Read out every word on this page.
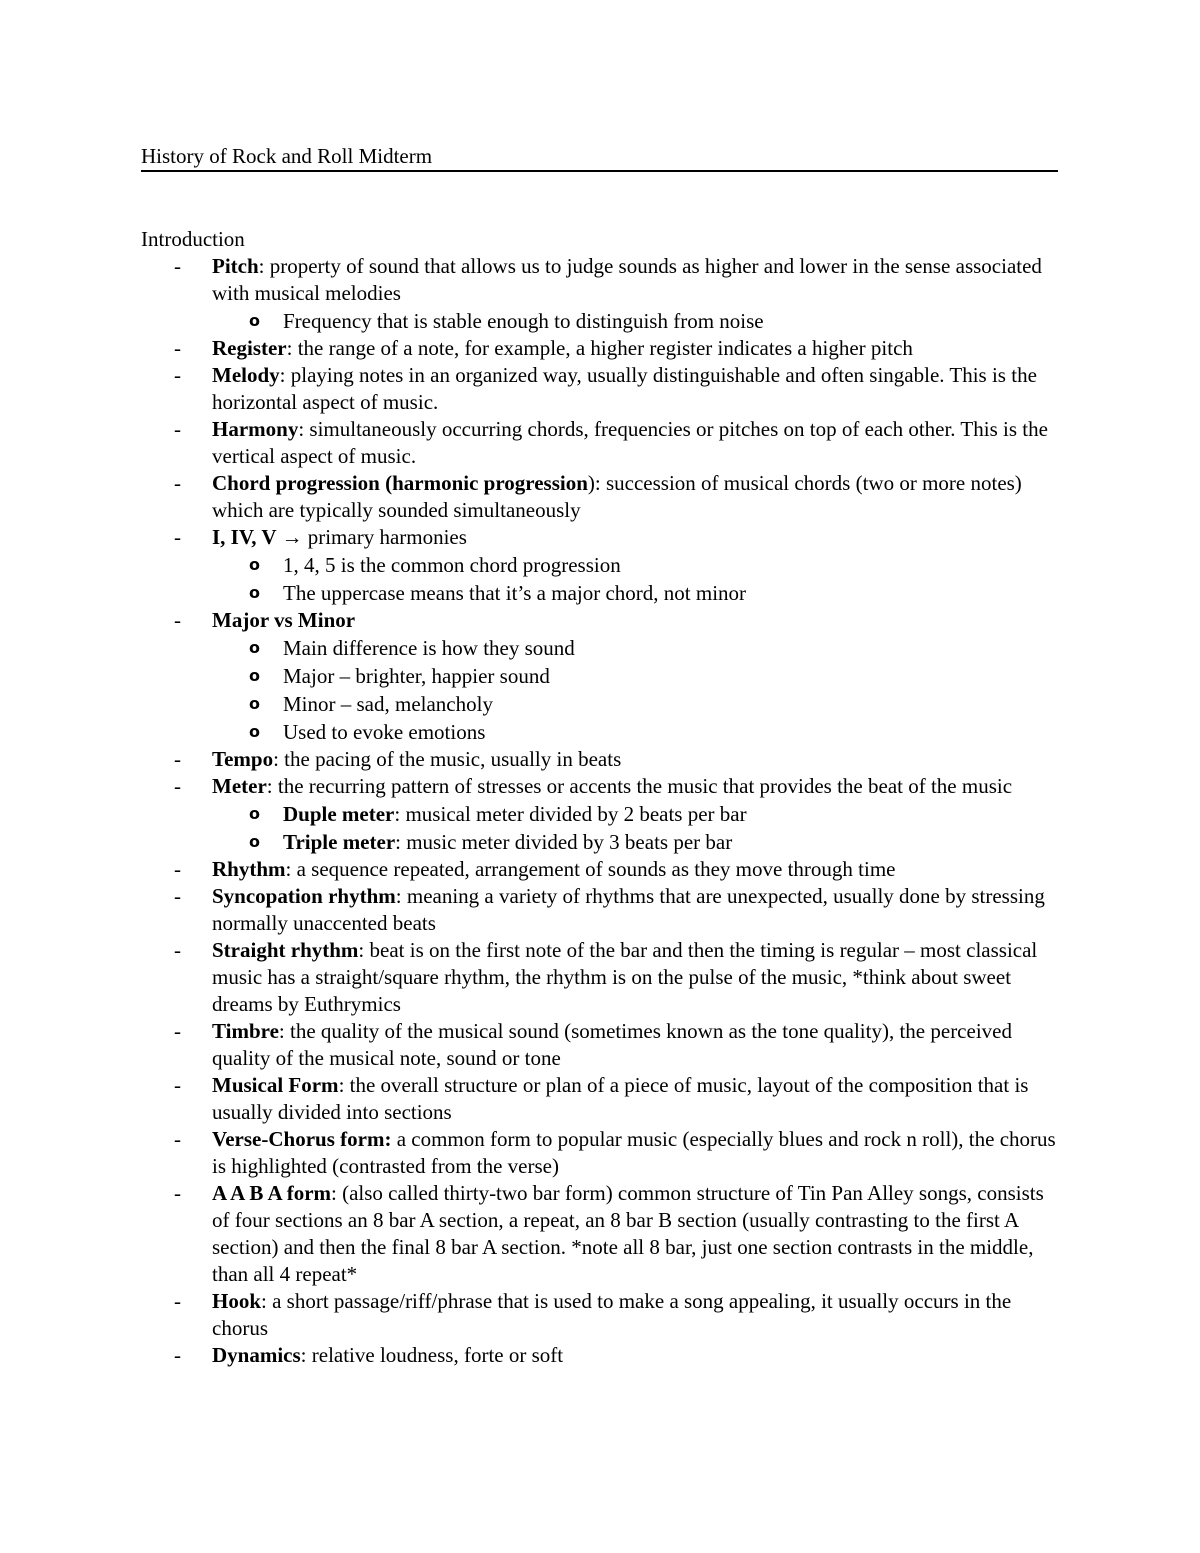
History of Rock and Roll Midterm
Introduction
-	Pitch: property of sound that allows us to judge sounds as higher and lower in the sense associated with musical melodies
o	Frequency that is stable enough to distinguish from noise
-	Register: the range of a note, for example, a higher register indicates a higher pitch
-	Melody: playing notes in an organized way, usually distinguishable and often singable. This is the horizontal aspect of music.
-	Harmony: simultaneously occurring chords, frequencies or pitches on top of each other. This is the vertical aspect of music.
-	Chord progression (harmonic progression): succession of musical chords (two or more notes) which are typically sounded simultaneously
-	I, IV, V → primary harmonies
o	1, 4, 5 is the common chord progression
o	The uppercase means that it’s a major chord, not minor
-	Major vs Minor
o	Main difference is how they sound
o	Major – brighter, happier sound
o	Minor – sad, melancholy
o	Used to evoke emotions
-	Tempo: the pacing of the music, usually in beats
-	Meter: the recurring pattern of stresses or accents the music that provides the beat of the music
o	Duple meter: musical meter divided by 2 beats per bar
o	Triple meter: music meter divided by 3 beats per bar
-	Rhythm: a sequence repeated, arrangement of sounds as they move through time
-	Syncopation rhythm: meaning a variety of rhythms that are unexpected, usually done by stressing normally unaccented beats
-	Straight rhythm: beat is on the first note of the bar and then the timing is regular – most classical music has a straight/square rhythm, the rhythm is on the pulse of the music, *think about sweet dreams by Euthrymics
-	Timbre: the quality of the musical sound (sometimes known as the tone quality), the perceived quality of the musical note, sound or tone
-	Musical Form: the overall structure or plan of a piece of music, layout of the composition that is usually divided into sections
-	Verse-Chorus form: a common form to popular music (especially blues and rock n roll), the chorus is highlighted (contrasted from the verse)
-	A A B A form: (also called thirty-two bar form) common structure of Tin Pan Alley songs, consists of four sections an 8 bar A section, a repeat, an 8 bar B section (usually contrasting to the first A section) and then the final 8 bar A section. *note all 8 bar, just one section contrasts in the middle, than all 4 repeat*
-	Hook: a short passage/riff/phrase that is used to make a song appealing, it usually occurs in the chorus
-	Dynamics: relative loudness, forte or soft
